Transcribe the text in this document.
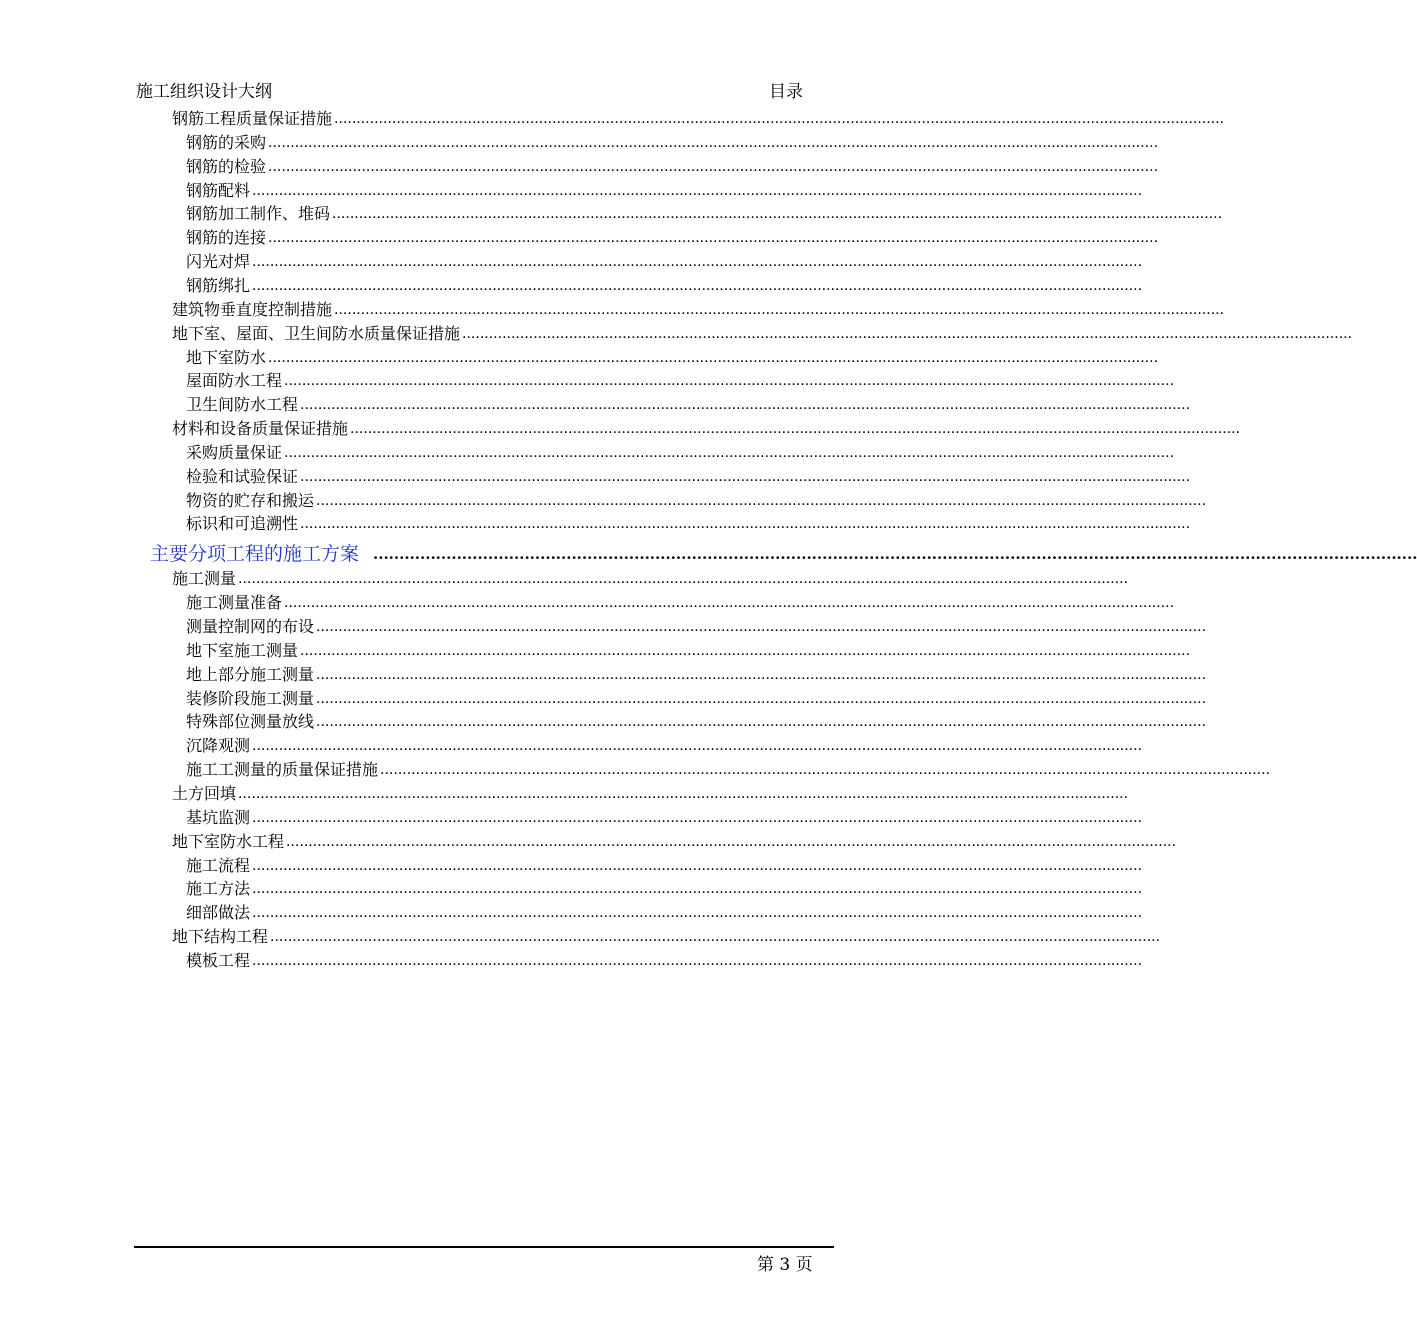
施工组织设计大纲	目录
钢筋工程质量保证措施 ........................................................................................................................................................................................................
钢筋的采购 ........................................................................................................................................................................................................
钢筋的检验 ........................................................................................................................................................................................................
钢筋配料 ........................................................................................................................................................................................................
钢筋加工制作、堆码 ........................................................................................................................................................................................................
钢筋的连接 ........................................................................................................................................................................................................
闪光对焊 ........................................................................................................................................................................................................
钢筋绑扎 ........................................................................................................................................................................................................
建筑物垂直度控制措施 ........................................................................................................................................................................................................
地下室、屋面、卫生间防水质量保证措施 ........................................................................................................................................................................................................
地下室防水 ........................................................................................................................................................................................................
屋面防水工程 ........................................................................................................................................................................................................
卫生间防水工程 ........................................................................................................................................................................................................
材料和设备质量保证措施 ........................................................................................................................................................................................................
采购质量保证 ........................................................................................................................................................................................................
检验和试验保证 ........................................................................................................................................................................................................
物资的贮存和搬运 ........................................................................................................................................................................................................
标识和可追溯性 ........................................................................................................................................................................................................
主要分项工程的施工方案 ........................................................................................................................................................................................................
施工测量 ........................................................................................................................................................................................................
施工测量准备 ........................................................................................................................................................................................................
测量控制网的布设 ........................................................................................................................................................................................................
地下室施工测量 ........................................................................................................................................................................................................
地上部分施工测量 ........................................................................................................................................................................................................
装修阶段施工测量 ........................................................................................................................................................................................................
特殊部位测量放线 ........................................................................................................................................................................................................
沉降观测 ........................................................................................................................................................................................................
施工工测量的质量保证措施 ........................................................................................................................................................................................................
土方回填 ........................................................................................................................................................................................................
基坑监测 ........................................................................................................................................................................................................
地下室防水工程 ........................................................................................................................................................................................................
施工流程 ........................................................................................................................................................................................................
施工方法 ........................................................................................................................................................................................................
细部做法 ........................................................................................................................................................................................................
地下结构工程 ........................................................................................................................................................................................................
模板工程 ........................................................................................................................................................................................................
第 3 页
